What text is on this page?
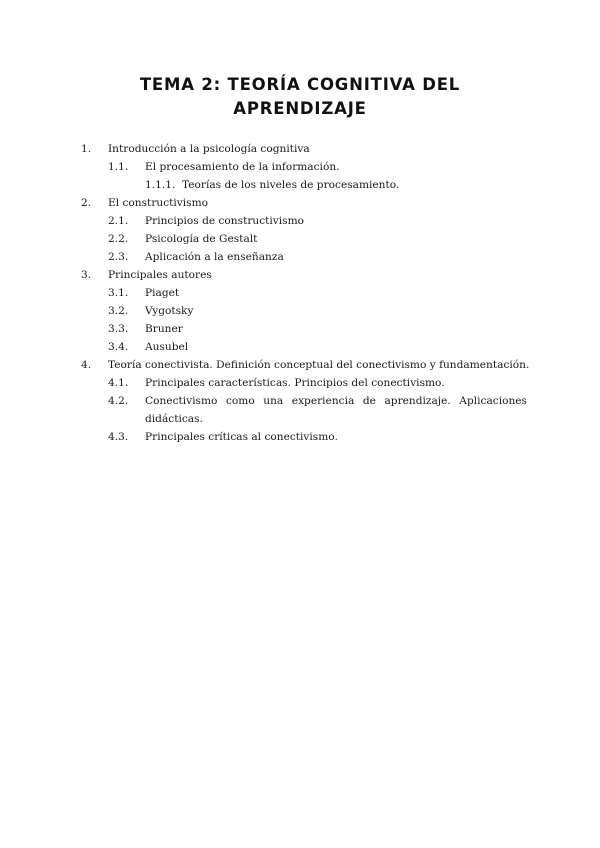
TEMA 2: TEORÍA COGNITIVA DEL
APRENDIZAJE
1. Introducción a la psicología cognitiva
1.1. El procesamiento de la información.
1.1.1. Teorías de los niveles de procesamiento.
2. El constructivismo
2.1. Principios de constructivismo
2.2. Psicología de Gestalt
2.3. Aplicación a la enseñanza
3. Principales autores
3.1. Piaget
3.2. Vygotsky
3.3. Bruner
3.4. Ausubel
4. Teoría conectivista. Definición conceptual del conectivismo y fundamentación.
4.1. Principales características. Principios del conectivismo.
4.2. Conectivismo como una experiencia de aprendizaje. Aplicaciones didácticas.
4.3. Principales críticas al conectivismo.
